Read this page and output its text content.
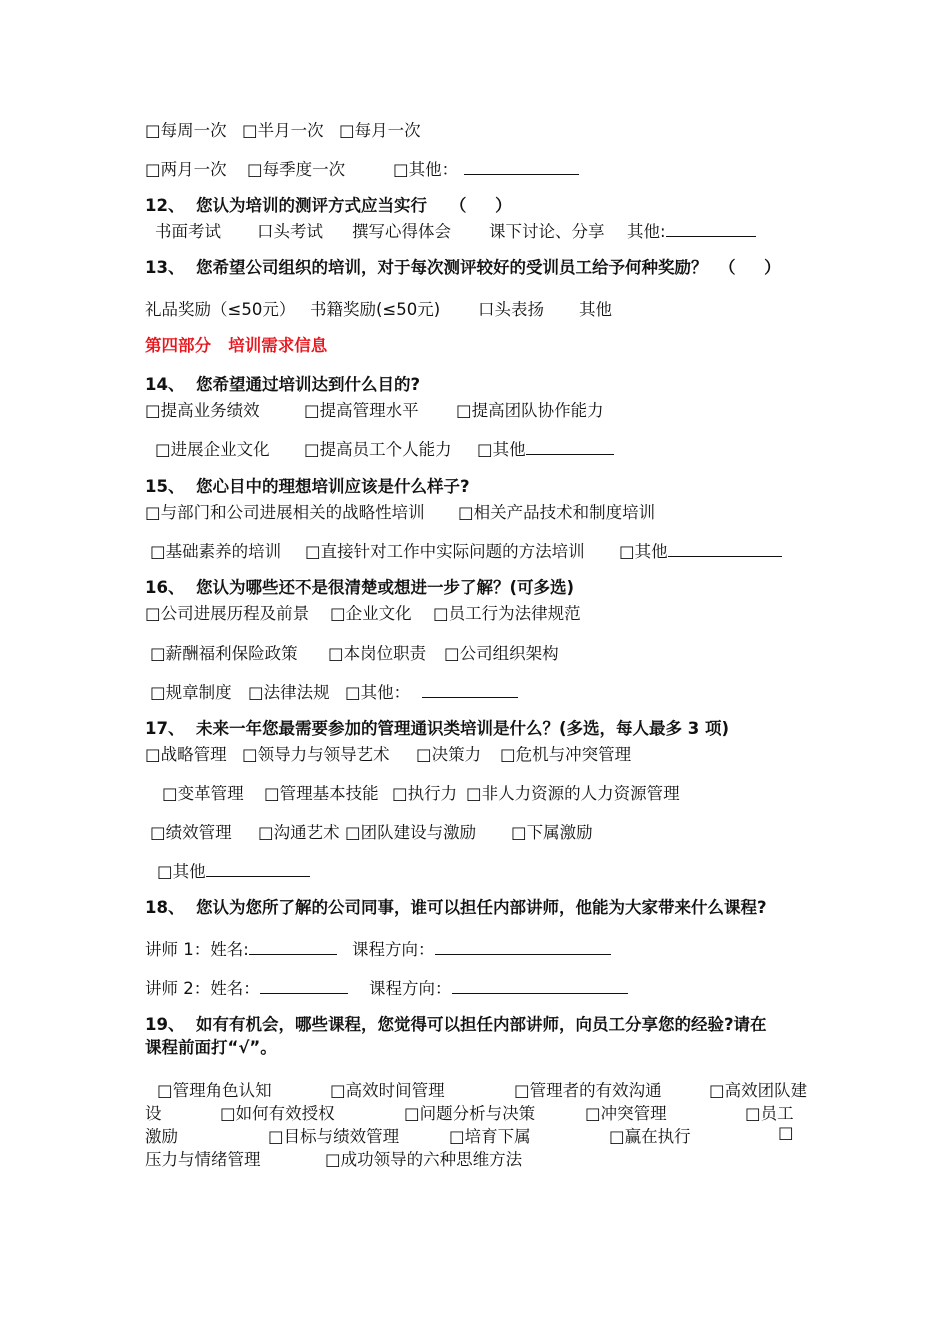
□每周一次 □半月一次 □每月一次
□两月一次 □每季度一次	□其他：
12、  您认为培训的测评方式应当实行    （     ）
书面考试 口头考试 撰写心得体会 课下讨论、分享 其他:
13、  您希望公司组织的培训，对于每次测评较好的受训员工给予何种奖励？  （     ）
礼品奖励（≤50元） 书籍奖励(≤50元) 口头表扬 其他
第四部分   培训需求信息
14、  您希望通过培训达到什么目的?
□提高业务绩效	□提高管理水平 □提高团队协作能力
□进展企业文化 □提高员工个人能力 □其他
15、  您心目中的理想培训应该是什么样子?
□与部门和公司进展相关的战略性培训 □相关产品技术和制度培训
□基础素养的培训 □直接针对工作中实际问题的方法培训 □其他
16、  您认为哪些还不是很清楚或想进一步了解？(可多选)
□公司进展历程及前景 □企业文化 □员工行为法律规范
□薪酬福利保险政策 □本岗位职责 □公司组织架构
□规章制度 □法律法规 □其他：
17、  未来一年您最需要参加的管理通识类培训是什么？(多选，每人最多 3 项)
□战略管理 □领导力与领导艺术 □决策力 □危机与冲突管理
□变革管理 □管理基本技能 □执行力 □非人力资源的人力资源管理
□绩效管理 □沟通艺术 □团队建设与激励 □下属激励
□其他
18、  您认为您所了解的公司同事，谁可以担任内部讲师，他能为大家带来什么课程?
讲师 1：姓名:	课程方向：
讲师 2：姓名：	课程方向：
19、  如有有机会，哪些课程，您觉得可以担任内部讲师，向员工分享您的经验?请在
课程前面打“√”。
□管理角色认知	□高效时间管理	□管理者的有效沟通	□高效团队建
设	□如何有效授权	□问题分析与决策	□冲突管理	□员工
激励	□目标与绩效管理	□培育下属	□赢在执行	□
压力与情绪管理	□成功领导的六种思维方法
